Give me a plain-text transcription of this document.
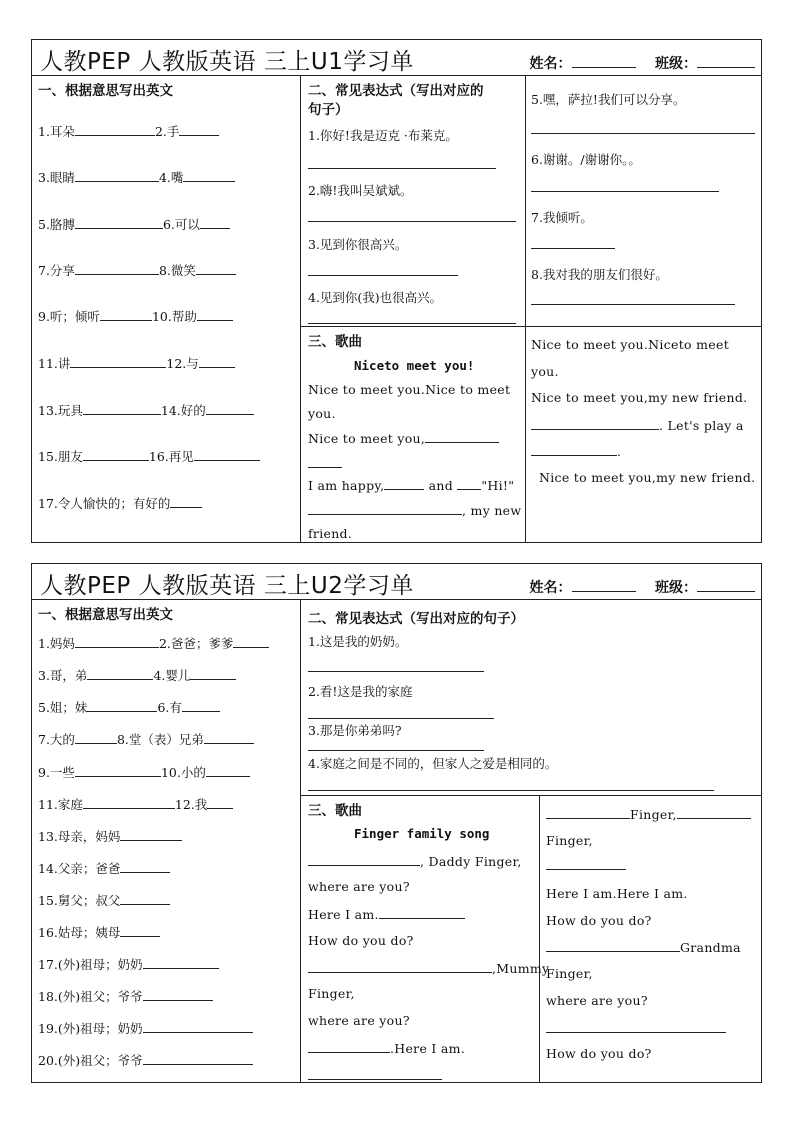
人教PEP 人教版英语 三上U1学习单	姓名：	班级：
一、根据意思写出英文
1.耳朵	2.手
3.眼睛	4.嘴
5.胳膊	6.可以
7.分享	8.微笑
9.听；倾听	10.帮助
11.讲	12.与
13.玩具	14.好的
15.朋友	16.再见
17.令人愉快的；有好的
二、常见表达式（写出对应的
句子）
1.你好!我是迈克 ·布莱克。
2.嗨!我叫吴斌斌。
3.见到你很高兴。
4.见到你(我)也很高兴。
5.嘿，萨拉!我们可以分享。
6.谢谢。/谢谢你。。
7.我倾听。
8.我对我的朋友们很好。
三、歌曲
Niceto meet you!
Nice to meet you.Nice to meet
you.
Nice to meet you,
I am happy,	and "Hi!"
, my new
friend.
Nice to meet you.Niceto meet
you.
Nice to meet you,my new friend.
. Let's play a
.
Nice to meet you,my new friend.
人教PEP 人教版英语 三上U2学习单	姓名：	班级：
一、根据意思写出英文
1.妈妈	2.爸爸；爹爹
3.哥，弟	4.婴儿
5.姐；妹	6.有
7.大的	8.堂（表）兄弟
9.一些	10.小的
11.家庭	12.我
13.母亲，妈妈
14.父亲；爸爸
15.舅父；叔父
16.姑母；姨母
17.(外)祖母；奶奶
18.(外)祖父；爷爷
19.(外)祖母；奶奶
20.(外)祖父；爷爷
二、常见表达式（写出对应的句子）
1.这是我的奶奶。
2.看!这是我的家庭
3.那是你弟弟吗?
4.家庭之间是不同的，但家人之爱是相同的。
三、歌曲
Finger family song
, Daddy Finger,
where are you?
Here I am.
How do you do?
,Mummy
Finger,
where are you?
.Here I am.
Finger,
Finger,
Here I am.Here I am.
How do you do?
Grandma
Finger,
where are you?
How do you do?
